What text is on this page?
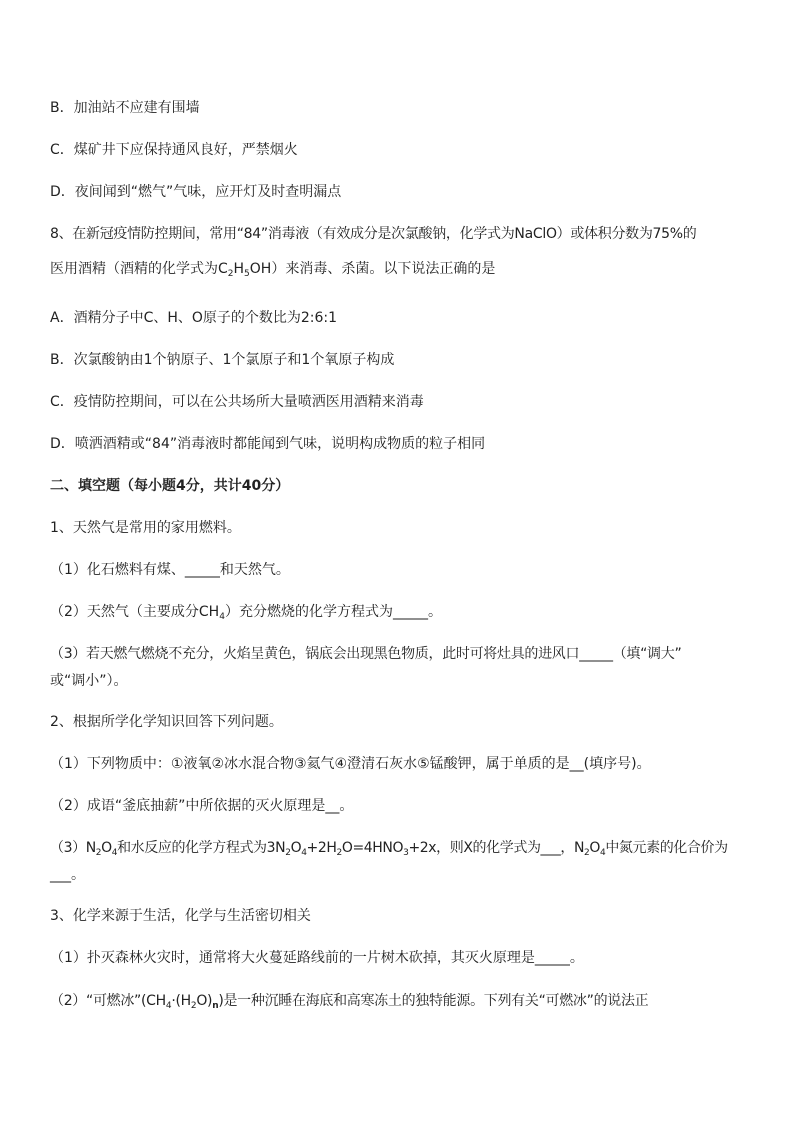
B．加油站不应建有围墙
C．煤矿井下应保持通风良好，严禁烟火
D．夜间闻到“燃气”气味，应开灯及时查明漏点
8、在新冠疫情防控期间，常用“84”消毒液（有效成分是次氯酸钠，化学式为NaClO）或体积分数为75%的
医用酒精（酒精的化学式为$C_2H_5OH$）来消毒、杀菌。以下说法正确的是
A．酒精分子中C、H、O原子的个数比为2:6:1
B．次氯酸钠由1个钠原子、1个氯原子和1个氧原子构成
C．疫情防控期间，可以在公共场所大量喷洒医用酒精来消毒
D．喷洒酒精或“84”消毒液时都能闻到气味，说明构成物质的粒子相同
二、填空题（每小题4分，共计40分）
1、天然气是常用的家用燃料。
（1）化石燃料有煤、_____和天然气。
（2）天然气（主要成分$CH_4$）充分燃烧的化学方程式为_____。
（3）若天燃气燃烧不充分，火焰呈黄色，锅底会出现黑色物质，此时可将灶具的进风口_____（填“调大”
或“调小”）。
2、根据所学化学知识回答下列问题。
（1）下列物质中：①液氧②冰水混合物③氦气④澄清石灰水⑤锰酸钾，属于单质的是__(填序号)。
（2）成语“釜底抽薪”中所依据的灭火原理是__。
$(3)N_2O_4$和水反应的化学方程式为$3N_2O_4+2H_2O=4HNO_3+2x$，则X的化学式为___，$N_2O_4$中氮元素的化合价为
___。
3、化学来源于生活，化学与生活密切相关
（1）扑灭森林火灾时，通常将大火蔓延路线前的一片树木砍掉，其灭火原理是_____。
（2）“可燃冰$”(CH_4\cdot(H_2O)_n)$是一种沉睡在海底和高寒冻土的独特能源。下列有关“可燃冰”的说法正
